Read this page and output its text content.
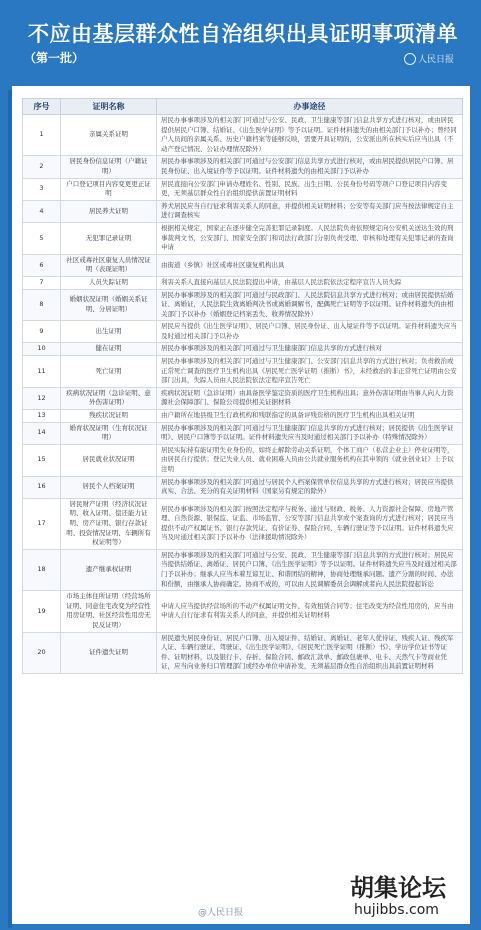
不应由基层群众性自治组织出具证明事项清单
（第一批）	人民日报
序号	证明名称	办事途径
1	亲属关系证明	居民办事事项涉及的相关部门可通过与公安、民政、卫生健康等部门信息共享方式进行核对，或由居民提供居民户口簿、结婚证、《出生医学证明》等予以证明。证件材料遗失的由相关部门予以补办；曾经同户人员间的亲属关系、历史户籍档案等能够反映，需要开具证明的，公安派出所在核实后应当出具（不动产登记情况、公证办理情况除外）
2	居民身份信息证明（户籍证明）	居民办事事项涉及的相关部门可通过与公安部门信息共享方式进行核对，或由居民提供居民户口簿、居民身份证、出入境证件等予以证明。证件材料遗失的由相关部门予以补办
3	户口登记项目内容变更更正证明	居民直接向公安部门申请办理姓名、性别、民族、出生日期、公民身份号码等项户口登记项目内容变更，无须基层群众性自治组织提供前置证明材料
4	居民养犬证明	养犬居民应当自行征求利害关系人的同意，并提供相关证明材料；公安等有关部门应当按法律规定自主进行调查核实
5	无犯罪记录证明	根据相关规定，国家正在逐步健全完善犯罪记录制度。人民法院负责依照规定向公安机关送达生效的刑事裁判文书，公安部门、国家安全部门和司法行政部门分别负责受理、审核和处理有关犯罪记录的查询申请
6	社区戒毒社区康复人员情况证明（表现证明）	由街道（乡镇）社区戒毒社区康复机构出具
7	人员失踪证明	利害关系人直接向基层人民法院提出申请，由基层人民法院依法定程序宣告人员失踪
8	婚姻状况证明（婚姻关系证明、分居证明）	居民办事事项涉及的相关部门可通过与民政部门、人民法院信息共享方式进行核对；或由居民提供结婚证、离婚证，人民法院生效离婚判决书或离婚调解书，配偶死亡证明等予以证明。证件材料遗失的由相关部门予以补办（婚姻登记档案丢失、收养情况除外）
9	出生证明	居民应当提供《出生医学证明》、居民户口簿、居民身份证、出入境证件等予以证明。证件材料遗失应当及时通过相关部门予以补办
10	健在证明	居民办事事项涉及的相关部门可通过与卫生健康部门信息共享的方式进行核对
11	死亡证明	居民办事事项涉及的相关部门可通过与卫生健康部门、公安部门信息共享的方式进行核对；负责救治或正常死亡调查的医疗卫生机构出具《居民死亡医学证明（推断）书》，未经救治的非正常死亡证明由公安部门出具，失踪人员由人民法院依法定程序宣告死亡
12	疾病状况证明（急诊证明、意外伤害证明）	疾病状况证明（急诊证明）由具备医学鉴定资质的医疗卫生机构出具；意外伤害证明由当事人向人力资源社会保障部门、保险公司提供相关证据材料
13	残疾状况证明	由户籍所在地县级卫生行政机构和残联指定的具备评残资格的医疗卫生机构出具相关证明
14	婚育状况证明（生育状况证明）	居民办事事项涉及的相关部门可通过与卫生健康部门信息共享的方式进行核对；居民提供《出生医学证明》、居民户口簿等予以证明。证件材料遗失应当及时通过相关部门予以补办（特殊情况除外）
15	居民就业状况证明	居民实际持有能证明失业身份的，如终止解除劳动关系证明，个体工商户（私营企业主）停业证明等，由居民自行提供；登记失业人员、就业困难人员由公共就业服务机构在其申领的《就业创业证》上予以注明
16	居民个人档案证明	居民办事事项涉及的相关部门可通过与居民个人档案保管单位信息共享的方式进行核对；居民应当提供真实、合法、充分的有关证明材料（国家另有规定的除外）
17	居民财产证明（经济状况证明、收入证明、偿还能力证明、房产证明、银行存款证明、投资情况证明、车辆所有权证明等）	居民办事事项涉及的相关部门按照法定程序与税务、通过与财政、税务、人力资源社会保障、房地产管理、自然资源、银保监、证监、市场监管、公安等部门信息共享或个案查询的方式进行核对；居民应当提供不动产权属证书、银行存款凭证、有价证券、保险合同、车辆行驶证等予以证明。证件材料遗失应当及时通过相关部门予以补办（法律援助情况除外）
18	遗产继承权证明	居民办事事项涉及的相关部门可通过与公安、民政、卫生健康等部门信息共享的方式进行核对；居民应当提供结婚证、离婚证、居民户口簿、《出生医学证明》等予以证明。证件材料遗失应当及时通过相关部门予以补办；继承人应当本着互谅互让、和谐团结的精神，协商处理继承问题。遗产分割的时间、办法和份额，由继承人协商确定。协商不成的，可以由人民调解委员会调解或者向人民法院提起诉讼
19	市场主体住所证明（经营场所证明、同意住宅改变为经营性用房证明、社区经营性用房无民反证明）	申请人应当提供经营场所的不动产权属证明文件、有效租赁合同等；住宅改变为经营性用房的，应当由申请人自行征求有利害关系人的同意，并提供相关证明材料
20	证件遗失证明	居民遗失居民身份证、居民户口簿、出入境证件、结婚证、离婚证、老年人优待证、残疾人证、残疾军人证、车辆行驶证、驾驶证、《出生医学证明》、《居民死亡医学证明（推断）书》、学历学位证书等证件、证明材料，以及银行卡、存折、保险合同、邮政汇款单、邮政包裹单、电卡、天然气卡等商业凭证，应当向业务归口管理部门或经办单位申请补发，无须基层群众性自治组织出具前置证明材料
胡集论坛
hujibbs.com
@人民日报
